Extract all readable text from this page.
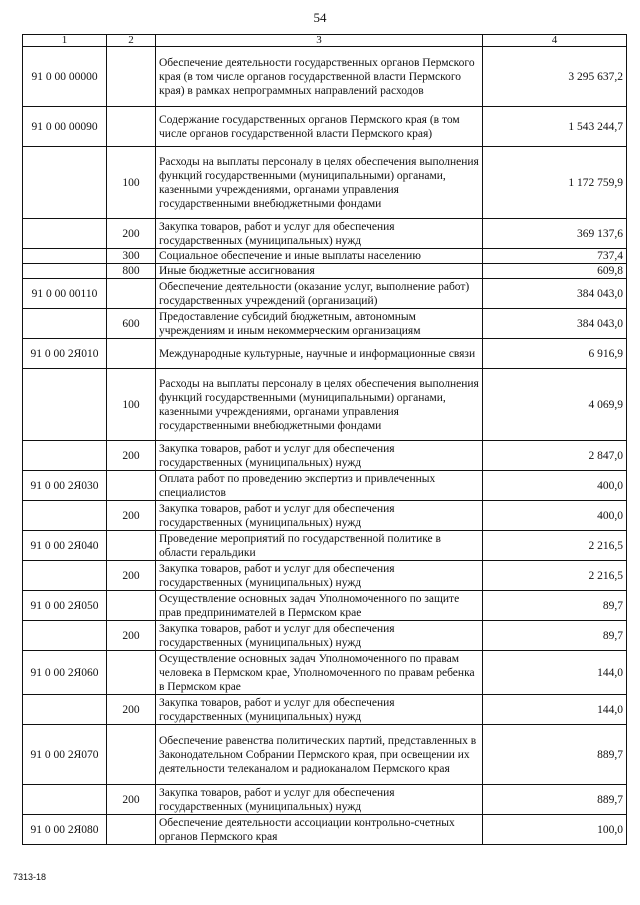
54
1	2	3	4
91 0 00 00000		Обеспечение деятельности государственных органов Пермского края (в том числе органов государственной власти Пермского края) в рамках непрограммных направлений расходов	3 295 637,2
91 0 00 00090		Содержание государственных органов Пермского края (в том числе органов государственной власти Пермского края)	1 543 244,7
	100	Расходы на выплаты персоналу в целях обеспечения выполнения функций государственными (муниципальными) органами, казенными учреждениями, органами управления государственными внебюджетными фондами	1 172 759,9
	200	Закупка товаров, работ и услуг для обеспечения государственных (муниципальных) нужд	369 137,6
	300	Социальное обеспечение и иные выплаты населению	737,4
	800	Иные бюджетные ассигнования	609,8
91 0 00 00110		Обеспечение деятельности (оказание услуг, выполнение работ) государственных учреждений (организаций)	384 043,0
	600	Предоставление субсидий бюджетным, автономным учреждениям и иным некоммерческим организациям	384 043,0
91 0 00 2Я010		Международные культурные, научные и информационные связи	6 916,9
	100	Расходы на выплаты персоналу в целях обеспечения выполнения функций государственными (муниципальными) органами, казенными учреждениями, органами управления государственными внебюджетными фондами	4 069,9
	200	Закупка товаров, работ и услуг для обеспечения государственных (муниципальных) нужд	2 847,0
91 0 00 2Я030		Оплата работ по проведению экспертиз и привлеченных специалистов	400,0
	200	Закупка товаров, работ и услуг для обеспечения государственных (муниципальных) нужд	400,0
91 0 00 2Я040		Проведение мероприятий по государственной политике в области геральдики	2 216,5
	200	Закупка товаров, работ и услуг для обеспечения государственных (муниципальных) нужд	2 216,5
91 0 00 2Я050		Осуществление основных задач Уполномоченного по защите прав предпринимателей в Пермском крае	89,7
	200	Закупка товаров, работ и услуг для обеспечения государственных (муниципальных) нужд	89,7
91 0 00 2Я060		Осуществление основных задач Уполномоченного по правам человека в Пермском крае, Уполномоченного по правам ребенка в Пермском крае	144,0
	200	Закупка товаров, работ и услуг для обеспечения государственных (муниципальных) нужд	144,0
91 0 00 2Я070		Обеспечение равенства политических партий, представленных в Законодательном Собрании Пермского края, при освещении их деятельности телеканалом и радиоканалом Пермского края	889,7
	200	Закупка товаров, работ и услуг для обеспечения государственных (муниципальных) нужд	889,7
91 0 00 2Я080		Обеспечение деятельности ассоциации контрольно-счетных органов Пермского края	100,0
7313-18
